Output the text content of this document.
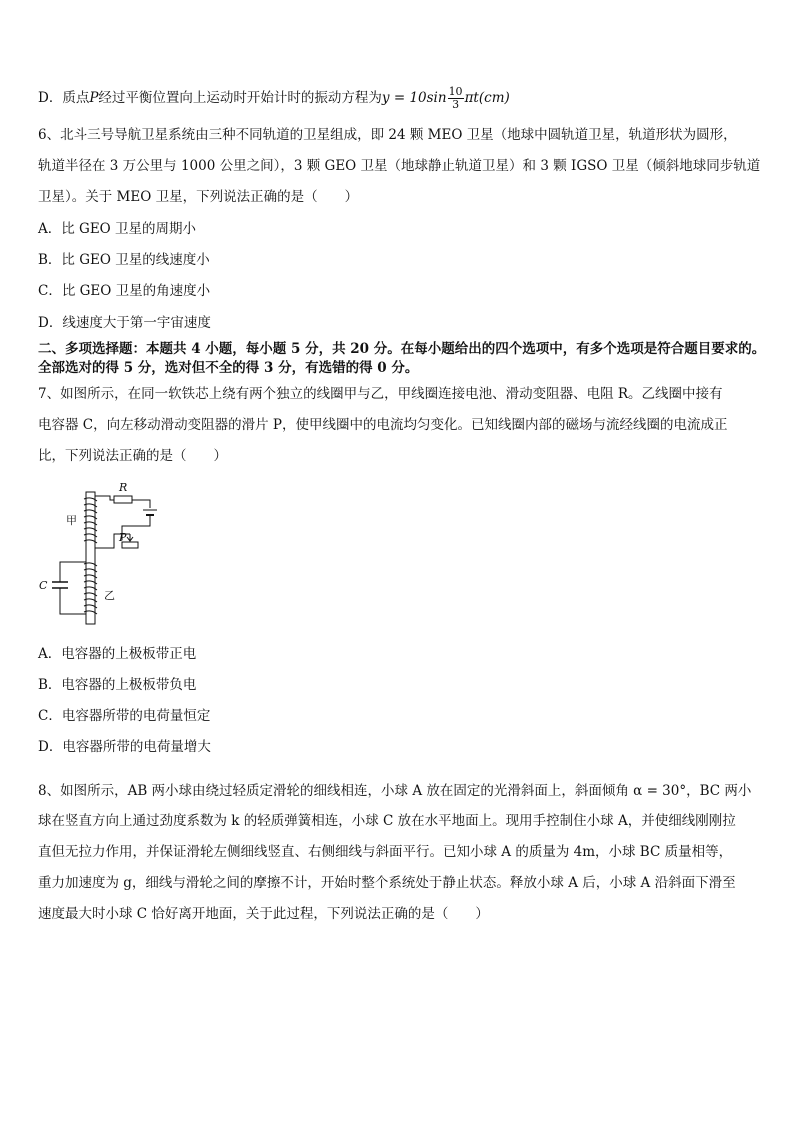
D．质点P经过平衡位置向上运动时开始计时的振动方程为$y = 10\sin \frac{10}{3} \pi t(cm)$
6、北斗三号导航卫星系统由三种不同轨道的卫星组成，即 24 颗 MEO 卫星（地球中圆轨道卫星，轨道形状为圆形，
轨道半径在 3 万公里与 1000 公里之间），3 颗 GEO 卫星（地球静止轨道卫星）和 3 颗 IGSO 卫星（倾斜地球同步轨道
卫星）。关于 MEO 卫星，下列说法正确的是（　　）
A．比 GEO 卫星的周期小
B．比 GEO 卫星的线速度小
C．比 GEO 卫星的角速度小
D．线速度大于第一宇宙速度
二、多项选择题：本题共 4 小题，每小题 5 分，共 20 分。在每小题给出的四个选项中，有多个选项是符合题目要求的。
全部选对的得 5 分，选对但不全的得 3 分，有选错的得 0 分。
7、如图所示，在同一软铁芯上绕有两个独立的线圈甲与乙，甲线圈连接电池、滑动变阻器、电阻 R。乙线圈中接有
电容器 C，向左移动滑动变阻器的滑片 P，使甲线圈中的电流均匀变化。已知线圈内部的磁场与流经线圈的电流成正
比，下列说法正确的是（　　）
R
甲
P
C
乙
A．电容器的上极板带正电
B．电容器的上极板带负电
C．电容器所带的电荷量恒定
D．电容器所带的电荷量增大
8、如图所示，AB 两小球由绕过轻质定滑轮的细线相连，小球 A 放在固定的光滑斜面上，斜面倾角 α = 30°，BC 两小
球在竖直方向上通过劲度系数为 k 的轻质弹簧相连，小球 C 放在水平地面上。现用手控制住小球 A，并使细线刚刚拉
直但无拉力作用，并保证滑轮左侧细线竖直、右侧细线与斜面平行。已知小球 A 的质量为 4m，小球 BC 质量相等，
重力加速度为 g，细线与滑轮之间的摩擦不计，开始时整个系统处于静止状态。释放小球 A 后，小球 A 沿斜面下滑至
速度最大时小球 C 恰好离开地面，关于此过程，下列说法正确的是（　　）
